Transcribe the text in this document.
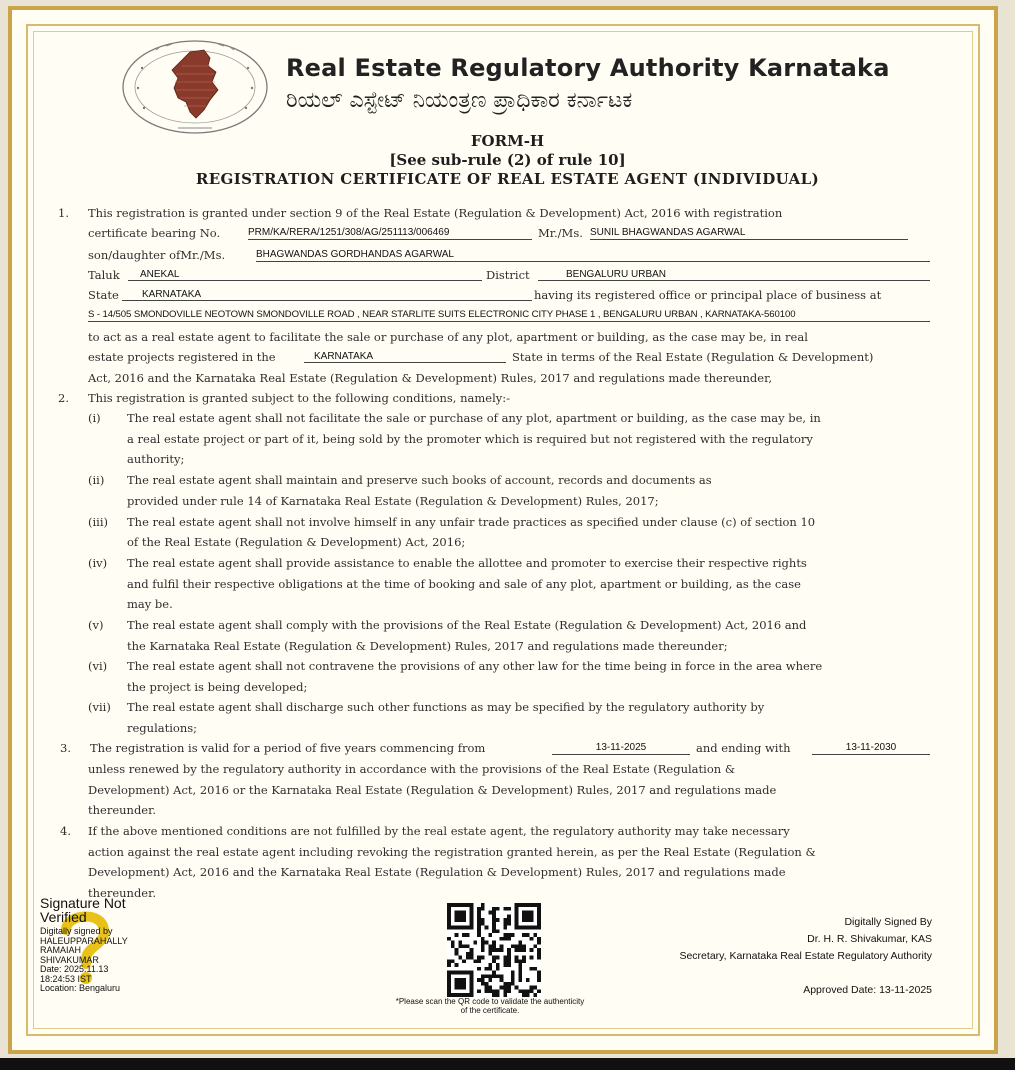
Real Estate Regulatory Authority Karnataka
ರಿಯಲ್ ಎಸ್ಟೇಟ್ ನಿಯಂತ್ರಣ ಪ್ರಾಧಿಕಾರ ಕರ್ನಾಟಕ
FORM-H
[See sub-rule (2) of rule 10]
REGISTRATION CERTIFICATE OF REAL ESTATE AGENT (INDIVIDUAL)
1. This registration is granted under section 9 of the Real Estate (Regulation & Development) Act, 2016 with registration
certificate bearing No.	PRM/KA/RERA/1251/308/AG/251113/006469	Mr./Ms. SUNIL BHAGWANDAS AGARWAL
son/daughter ofMr./Ms.	BHAGWANDAS GORDHANDAS AGARWAL
Taluk	ANEKAL	District	BENGALURU URBAN
State	KARNATAKA	having its registered office or principal place of business at
S - 14/505 SMONDOVILLE NEOTOWN SMONDOVILLE ROAD , NEAR STARLITE SUITS ELECTRONIC CITY PHASE 1 , BENGALURU URBAN , KARNATAKA-560100
to act as a real estate agent to facilitate the sale or purchase of any plot, apartment or building, as the case may be, in real
estate projects registered in the	KARNATAKA	State in terms of the Real Estate (Regulation & Development)
Act, 2016 and the Karnataka Real Estate (Regulation & Development) Rules, 2017 and regulations made thereunder,
2. This registration is granted subject to the following conditions, namely:-
(i) The real estate agent shall not facilitate the sale or purchase of any plot, apartment or building, as the case may be, in
a real estate project or part of it, being sold by the promoter which is required but not registered with the regulatory
authority;
(ii) The real estate agent shall maintain and preserve such books of account, records and documents as
provided under rule 14 of Karnataka Real Estate (Regulation & Development) Rules, 2017;
(iii) The real estate agent shall not involve himself in any unfair trade practices as specified under clause (c) of section 10
of the Real Estate (Regulation & Development) Act, 2016;
(iv) The real estate agent shall provide assistance to enable the allottee and promoter to exercise their respective rights
and fulfil their respective obligations at the time of booking and sale of any plot, apartment or building, as the case
may be.
(v) The real estate agent shall comply with the provisions of the Real Estate (Regulation & Development) Act, 2016 and
the Karnataka Real Estate (Regulation & Development) Rules, 2017 and regulations made thereunder;
(vi) The real estate agent shall not contravene the provisions of any other law for the time being in force in the area where
the project is being developed;
(vii) The real estate agent shall discharge such other functions as may be specified by the regulatory authority by
regulations;
3. The registration is valid for a period of five years commencing from	13-11-2025	and ending with	13-11-2030
unless renewed by the regulatory authority in accordance with the provisions of the Real Estate (Regulation &
Development) Act, 2016 or the Karnataka Real Estate (Regulation & Development) Rules, 2017 and regulations made
thereunder.
4. If the above mentioned conditions are not fulfilled by the real estate agent, the regulatory authority may take necessary
action against the real estate agent including revoking the registration granted herein, as per the Real Estate (Regulation &
Development) Act, 2016 and the Karnataka Real Estate (Regulation & Development) Rules, 2017 and regulations made
thereunder.
Signature Not Verified
Digitally signed by
HALEUPPARAHALLY
RAMAIAH
SHIVAKUMAR
Date: 2025.11.13
18:24:53 IST
Location: Bengaluru
*Please scan the QR code to validate the authenticity of the certificate.
Digitally Signed By
Dr. H. R. Shivakumar, KAS
Secretary, Karnataka Real Estate Regulatory Authority
Approved Date: 13-11-2025
